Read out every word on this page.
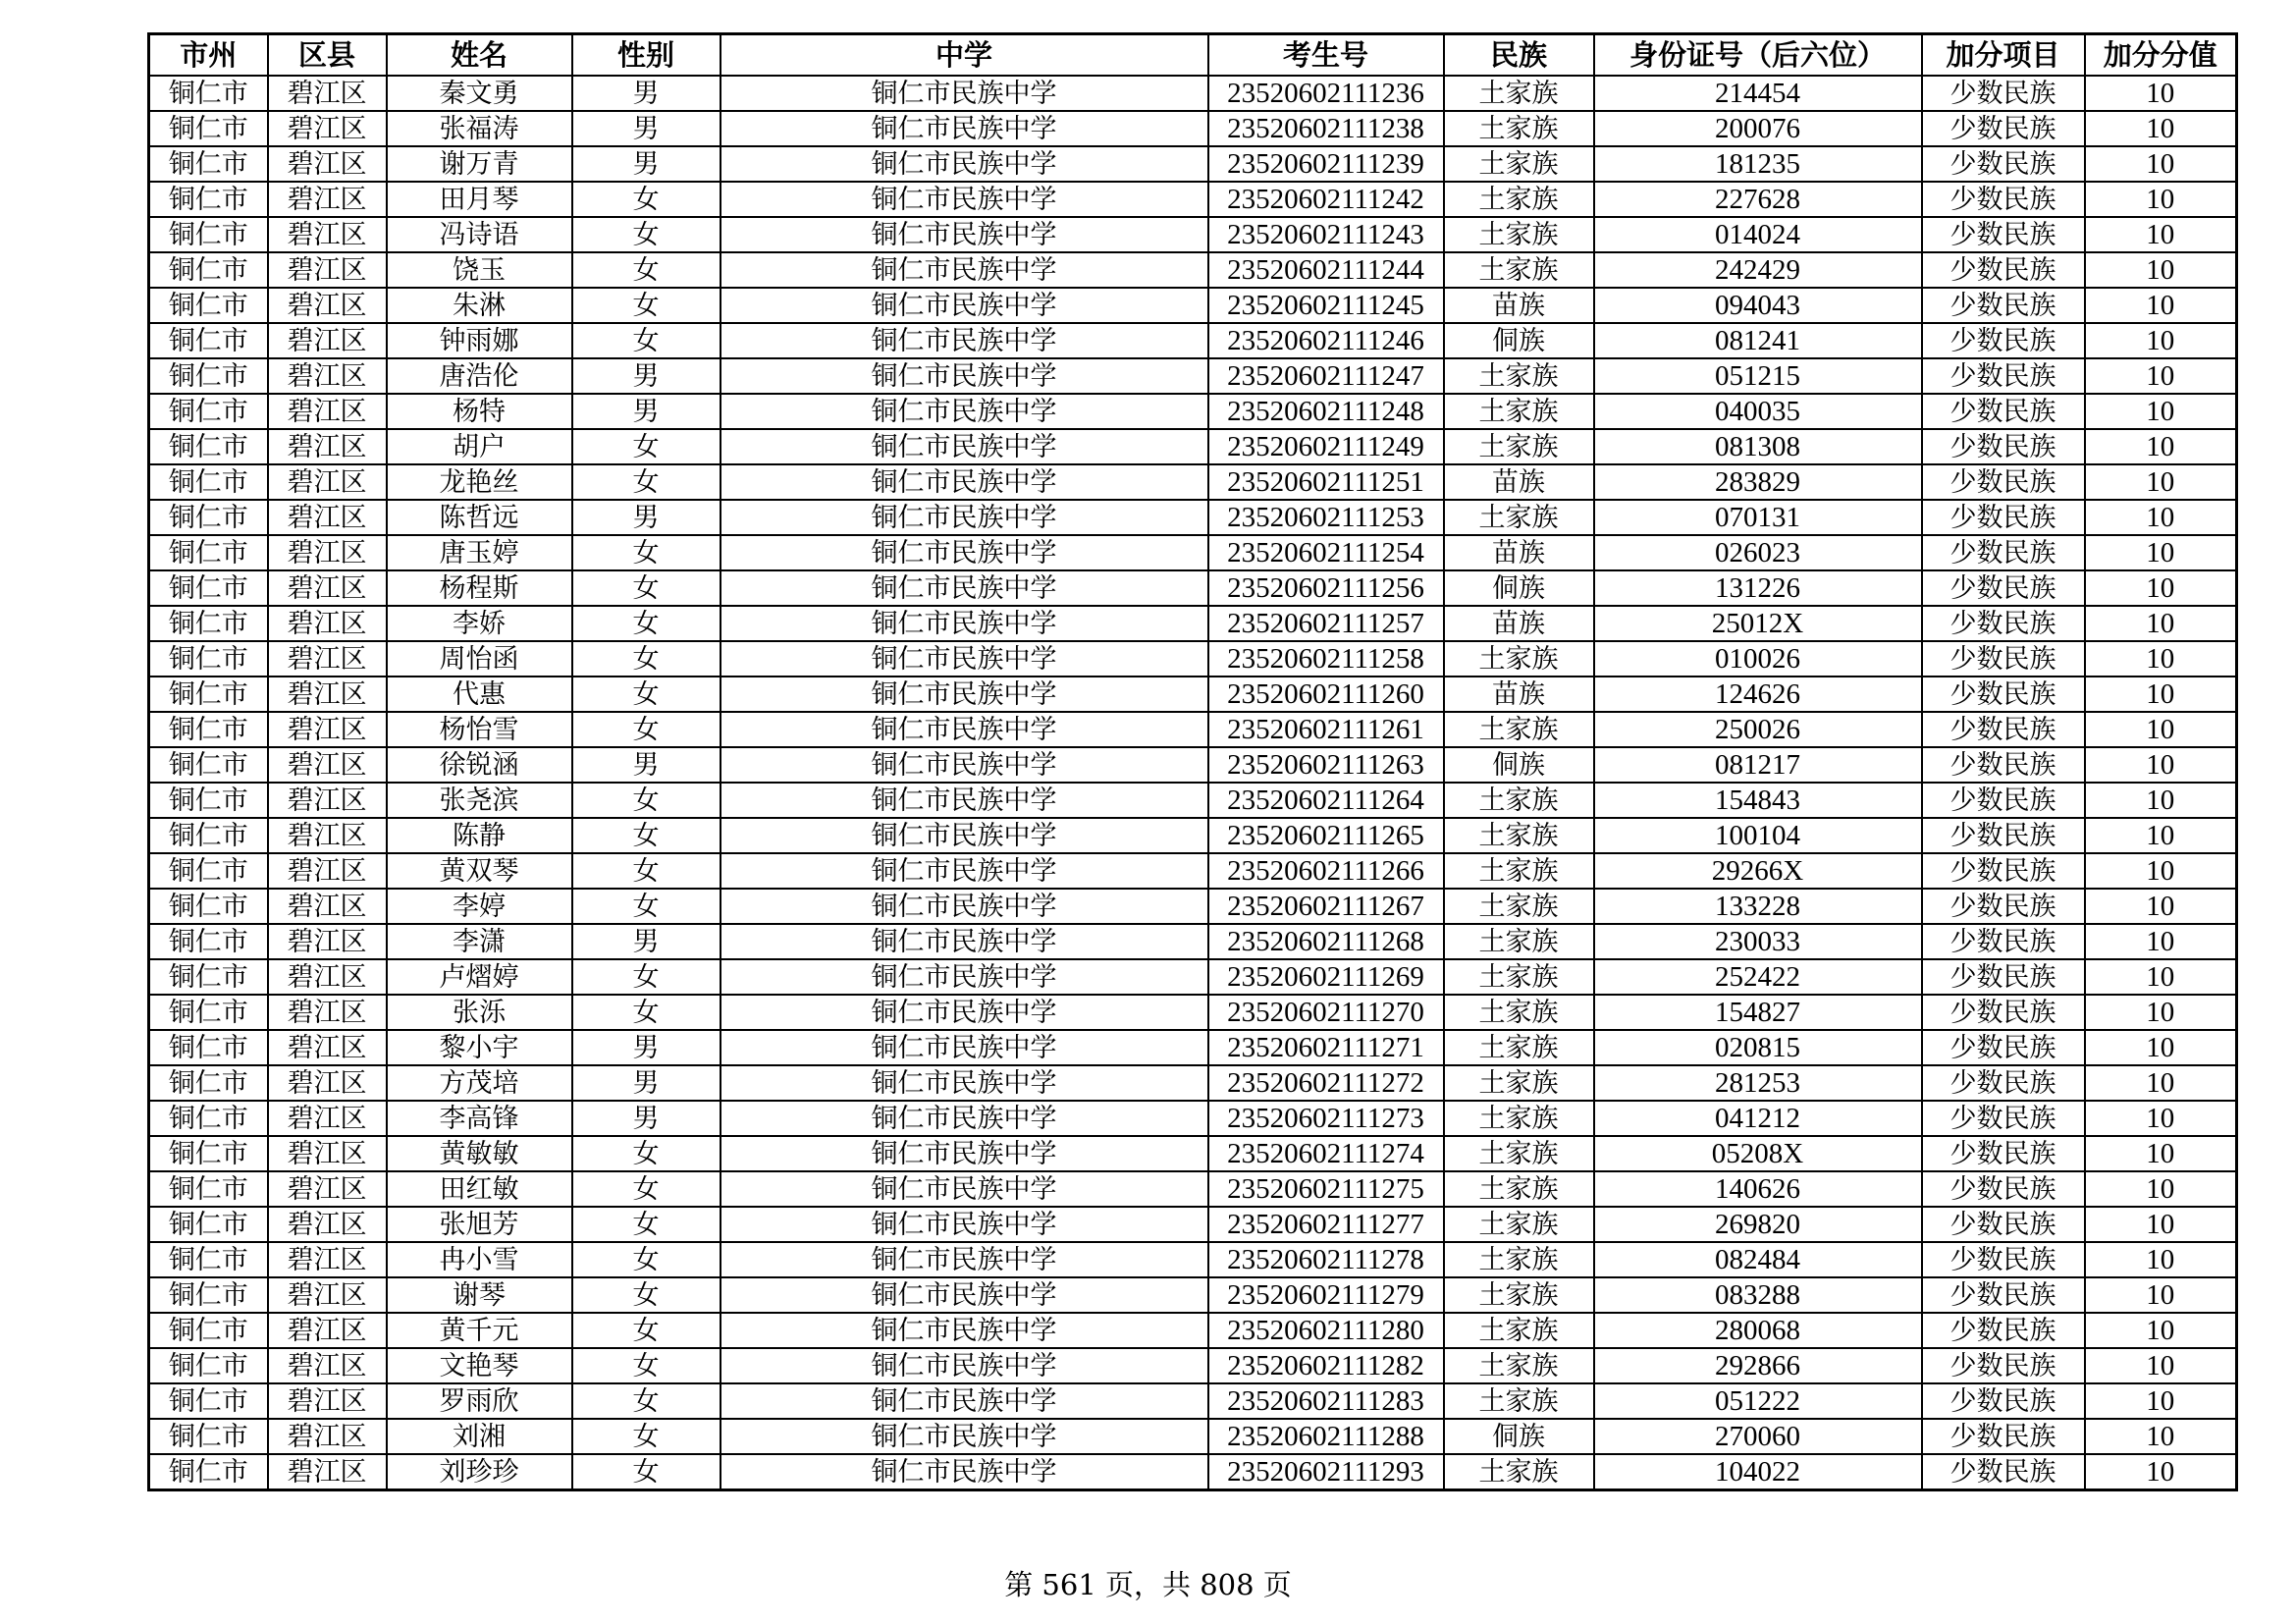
市州	区县	姓名	性别	中学	考生号	民族	身份证号（后六位）	加分项目	加分分值
铜仁市	碧江区	秦文勇	男	铜仁市民族中学	23520602111236	土家族	214454	少数民族	10
铜仁市	碧江区	张福涛	男	铜仁市民族中学	23520602111238	土家族	200076	少数民族	10
铜仁市	碧江区	谢万青	男	铜仁市民族中学	23520602111239	土家族	181235	少数民族	10
铜仁市	碧江区	田月琴	女	铜仁市民族中学	23520602111242	土家族	227628	少数民族	10
铜仁市	碧江区	冯诗语	女	铜仁市民族中学	23520602111243	土家族	014024	少数民族	10
铜仁市	碧江区	饶玉	女	铜仁市民族中学	23520602111244	土家族	242429	少数民族	10
铜仁市	碧江区	朱淋	女	铜仁市民族中学	23520602111245	苗族	094043	少数民族	10
铜仁市	碧江区	钟雨娜	女	铜仁市民族中学	23520602111246	侗族	081241	少数民族	10
铜仁市	碧江区	唐浩伦	男	铜仁市民族中学	23520602111247	土家族	051215	少数民族	10
铜仁市	碧江区	杨特	男	铜仁市民族中学	23520602111248	土家族	040035	少数民族	10
铜仁市	碧江区	胡户	女	铜仁市民族中学	23520602111249	土家族	081308	少数民族	10
铜仁市	碧江区	龙艳丝	女	铜仁市民族中学	23520602111251	苗族	283829	少数民族	10
铜仁市	碧江区	陈哲远	男	铜仁市民族中学	23520602111253	土家族	070131	少数民族	10
铜仁市	碧江区	唐玉婷	女	铜仁市民族中学	23520602111254	苗族	026023	少数民族	10
铜仁市	碧江区	杨程斯	女	铜仁市民族中学	23520602111256	侗族	131226	少数民族	10
铜仁市	碧江区	李娇	女	铜仁市民族中学	23520602111257	苗族	25012X	少数民族	10
铜仁市	碧江区	周怡函	女	铜仁市民族中学	23520602111258	土家族	010026	少数民族	10
铜仁市	碧江区	代惠	女	铜仁市民族中学	23520602111260	苗族	124626	少数民族	10
铜仁市	碧江区	杨怡雪	女	铜仁市民族中学	23520602111261	土家族	250026	少数民族	10
铜仁市	碧江区	徐锐涵	男	铜仁市民族中学	23520602111263	侗族	081217	少数民族	10
铜仁市	碧江区	张尧滨	女	铜仁市民族中学	23520602111264	土家族	154843	少数民族	10
铜仁市	碧江区	陈静	女	铜仁市民族中学	23520602111265	土家族	100104	少数民族	10
铜仁市	碧江区	黄双琴	女	铜仁市民族中学	23520602111266	土家族	29266X	少数民族	10
铜仁市	碧江区	李婷	女	铜仁市民族中学	23520602111267	土家族	133228	少数民族	10
铜仁市	碧江区	李潇	男	铜仁市民族中学	23520602111268	土家族	230033	少数民族	10
铜仁市	碧江区	卢熠婷	女	铜仁市民族中学	23520602111269	土家族	252422	少数民族	10
铜仁市	碧江区	张泺	女	铜仁市民族中学	23520602111270	土家族	154827	少数民族	10
铜仁市	碧江区	黎小宇	男	铜仁市民族中学	23520602111271	土家族	020815	少数民族	10
铜仁市	碧江区	方茂培	男	铜仁市民族中学	23520602111272	土家族	281253	少数民族	10
铜仁市	碧江区	李高锋	男	铜仁市民族中学	23520602111273	土家族	041212	少数民族	10
铜仁市	碧江区	黄敏敏	女	铜仁市民族中学	23520602111274	土家族	05208X	少数民族	10
铜仁市	碧江区	田红敏	女	铜仁市民族中学	23520602111275	土家族	140626	少数民族	10
铜仁市	碧江区	张旭芳	女	铜仁市民族中学	23520602111277	土家族	269820	少数民族	10
铜仁市	碧江区	冉小雪	女	铜仁市民族中学	23520602111278	土家族	082484	少数民族	10
铜仁市	碧江区	谢琴	女	铜仁市民族中学	23520602111279	土家族	083288	少数民族	10
铜仁市	碧江区	黄千元	女	铜仁市民族中学	23520602111280	土家族	280068	少数民族	10
铜仁市	碧江区	文艳琴	女	铜仁市民族中学	23520602111282	土家族	292866	少数民族	10
铜仁市	碧江区	罗雨欣	女	铜仁市民族中学	23520602111283	土家族	051222	少数民族	10
铜仁市	碧江区	刘湘	女	铜仁市民族中学	23520602111288	侗族	270060	少数民族	10
铜仁市	碧江区	刘珍珍	女	铜仁市民族中学	23520602111293	土家族	104022	少数民族	10
第 561 页，共 808 页
